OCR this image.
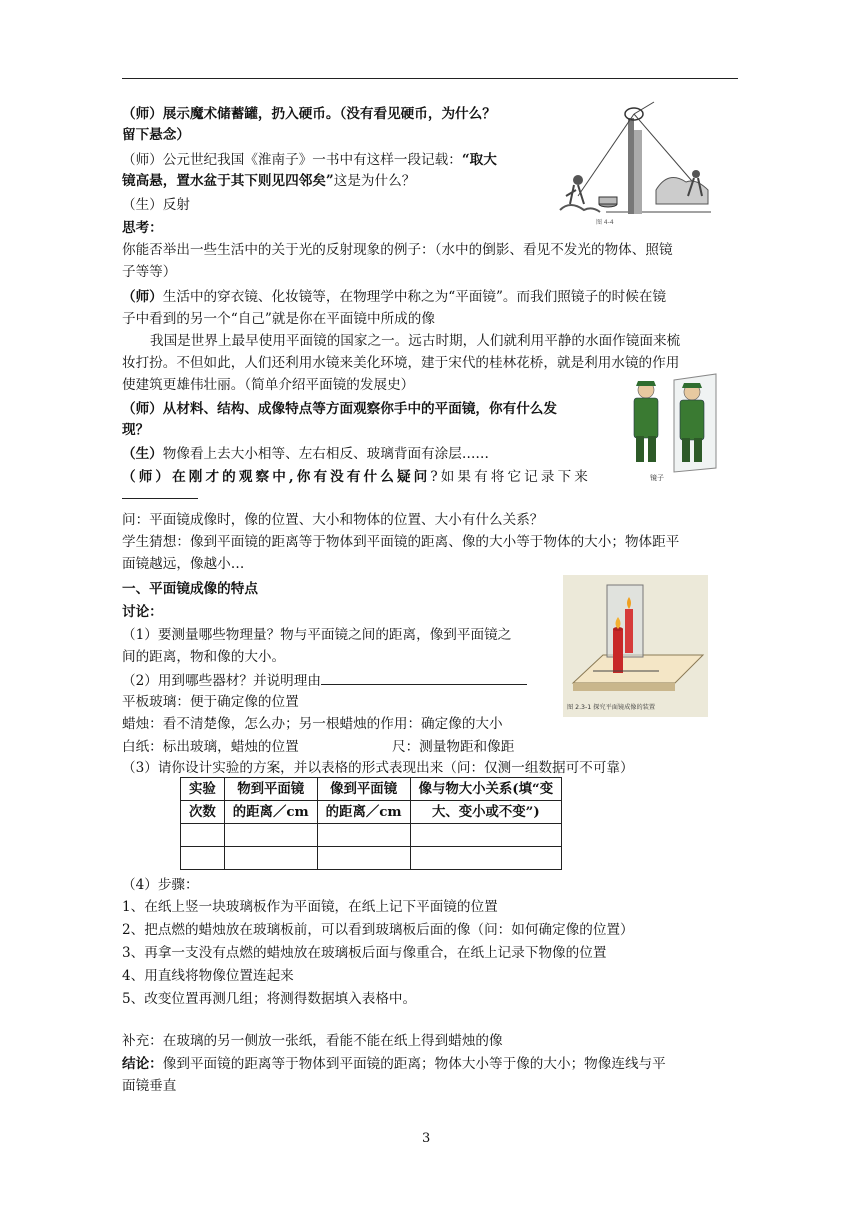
（师）展示魔术储蓄罐，扔入硬币。（没有看见硬币，为什么？
留下悬念）
（师）公元世纪我国《淮南子》一书中有这样一段记载：“取大
镜高悬，置水盆于其下则见四邻矣”这是为什么？
（生）反射
思考：
你能否举出一些生活中的关于光的反射现象的例子：（水中的倒影、看见不发光的物体、照镜
子等等）
（师）生活中的穿衣镜、化妆镜等，在物理学中称之为“平面镜”。而我们照镜子的时候在镜
子中看到的另一个“自己”就是你在平面镜中所成的像
我国是世界上最早使用平面镜的国家之一。远古时期，人们就利用平静的水面作镜面来梳
妆打扮。不但如此，人们还利用水镜来美化环境，建于宋代的桂林花桥，就是利用水镜的作用
使建筑更雄伟壮丽。（简单介绍平面镜的发展史）
（师）从材料、结构、成像特点等方面观察你手中的平面镜，你有什么发
现？
（生）物像看上去大小相等、左右相反、玻璃背面有涂层……
（师）在刚才的观察中,你有没有什么疑问?如果有将它记录下来
问：平面镜成像时，像的位置、大小和物体的位置、大小有什么关系？
学生猜想：像到平面镜的距离等于物体到平面镜的距离、像的大小等于物体的大小；物体距平
面镜越远，像越小…
一、平面镜成像的特点
讨论：
（1）要测量哪些物理量？物与平面镜之间的距离，像到平面镜之
间的距离，物和像的大小。
（2）用到哪些器材？并说明理由
平板玻璃：便于确定像的位置
蜡烛：看不清楚像，怎么办；另一根蜡烛的作用：确定像的大小
白纸：标出玻璃，蜡烛的位置	尺：测量物距和像距
（3）请你设计实验的方案，并以表格的形式表现出来（问：仅测一组数据可不可靠）
实验	物到平面镜	像到平面镜	像与物大小关系(填“变

次数	的距离／cm	的距离／cm	大、变小或不变”)

（4）步骤：
1、在纸上竖一块玻璃板作为平面镜，在纸上记下平面镜的位置
2、把点燃的蜡烛放在玻璃板前，可以看到玻璃板后面的像（问：如何确定像的位置）
3、再拿一支没有点燃的蜡烛放在玻璃板后面与像重合，在纸上记录下物像的位置
4、用直线将物像位置连起来
5、改变位置再测几组；将测得数据填入表格中。
补充：在玻璃的另一侧放一张纸，看能不能在纸上得到蜡烛的像
结论：像到平面镜的距离等于物体到平面镜的距离；物体大小等于像的大小；物像连线与平
面镜垂直
图 4-4
镜子
图 2.3-1 探究平面镜成像的装置
3
